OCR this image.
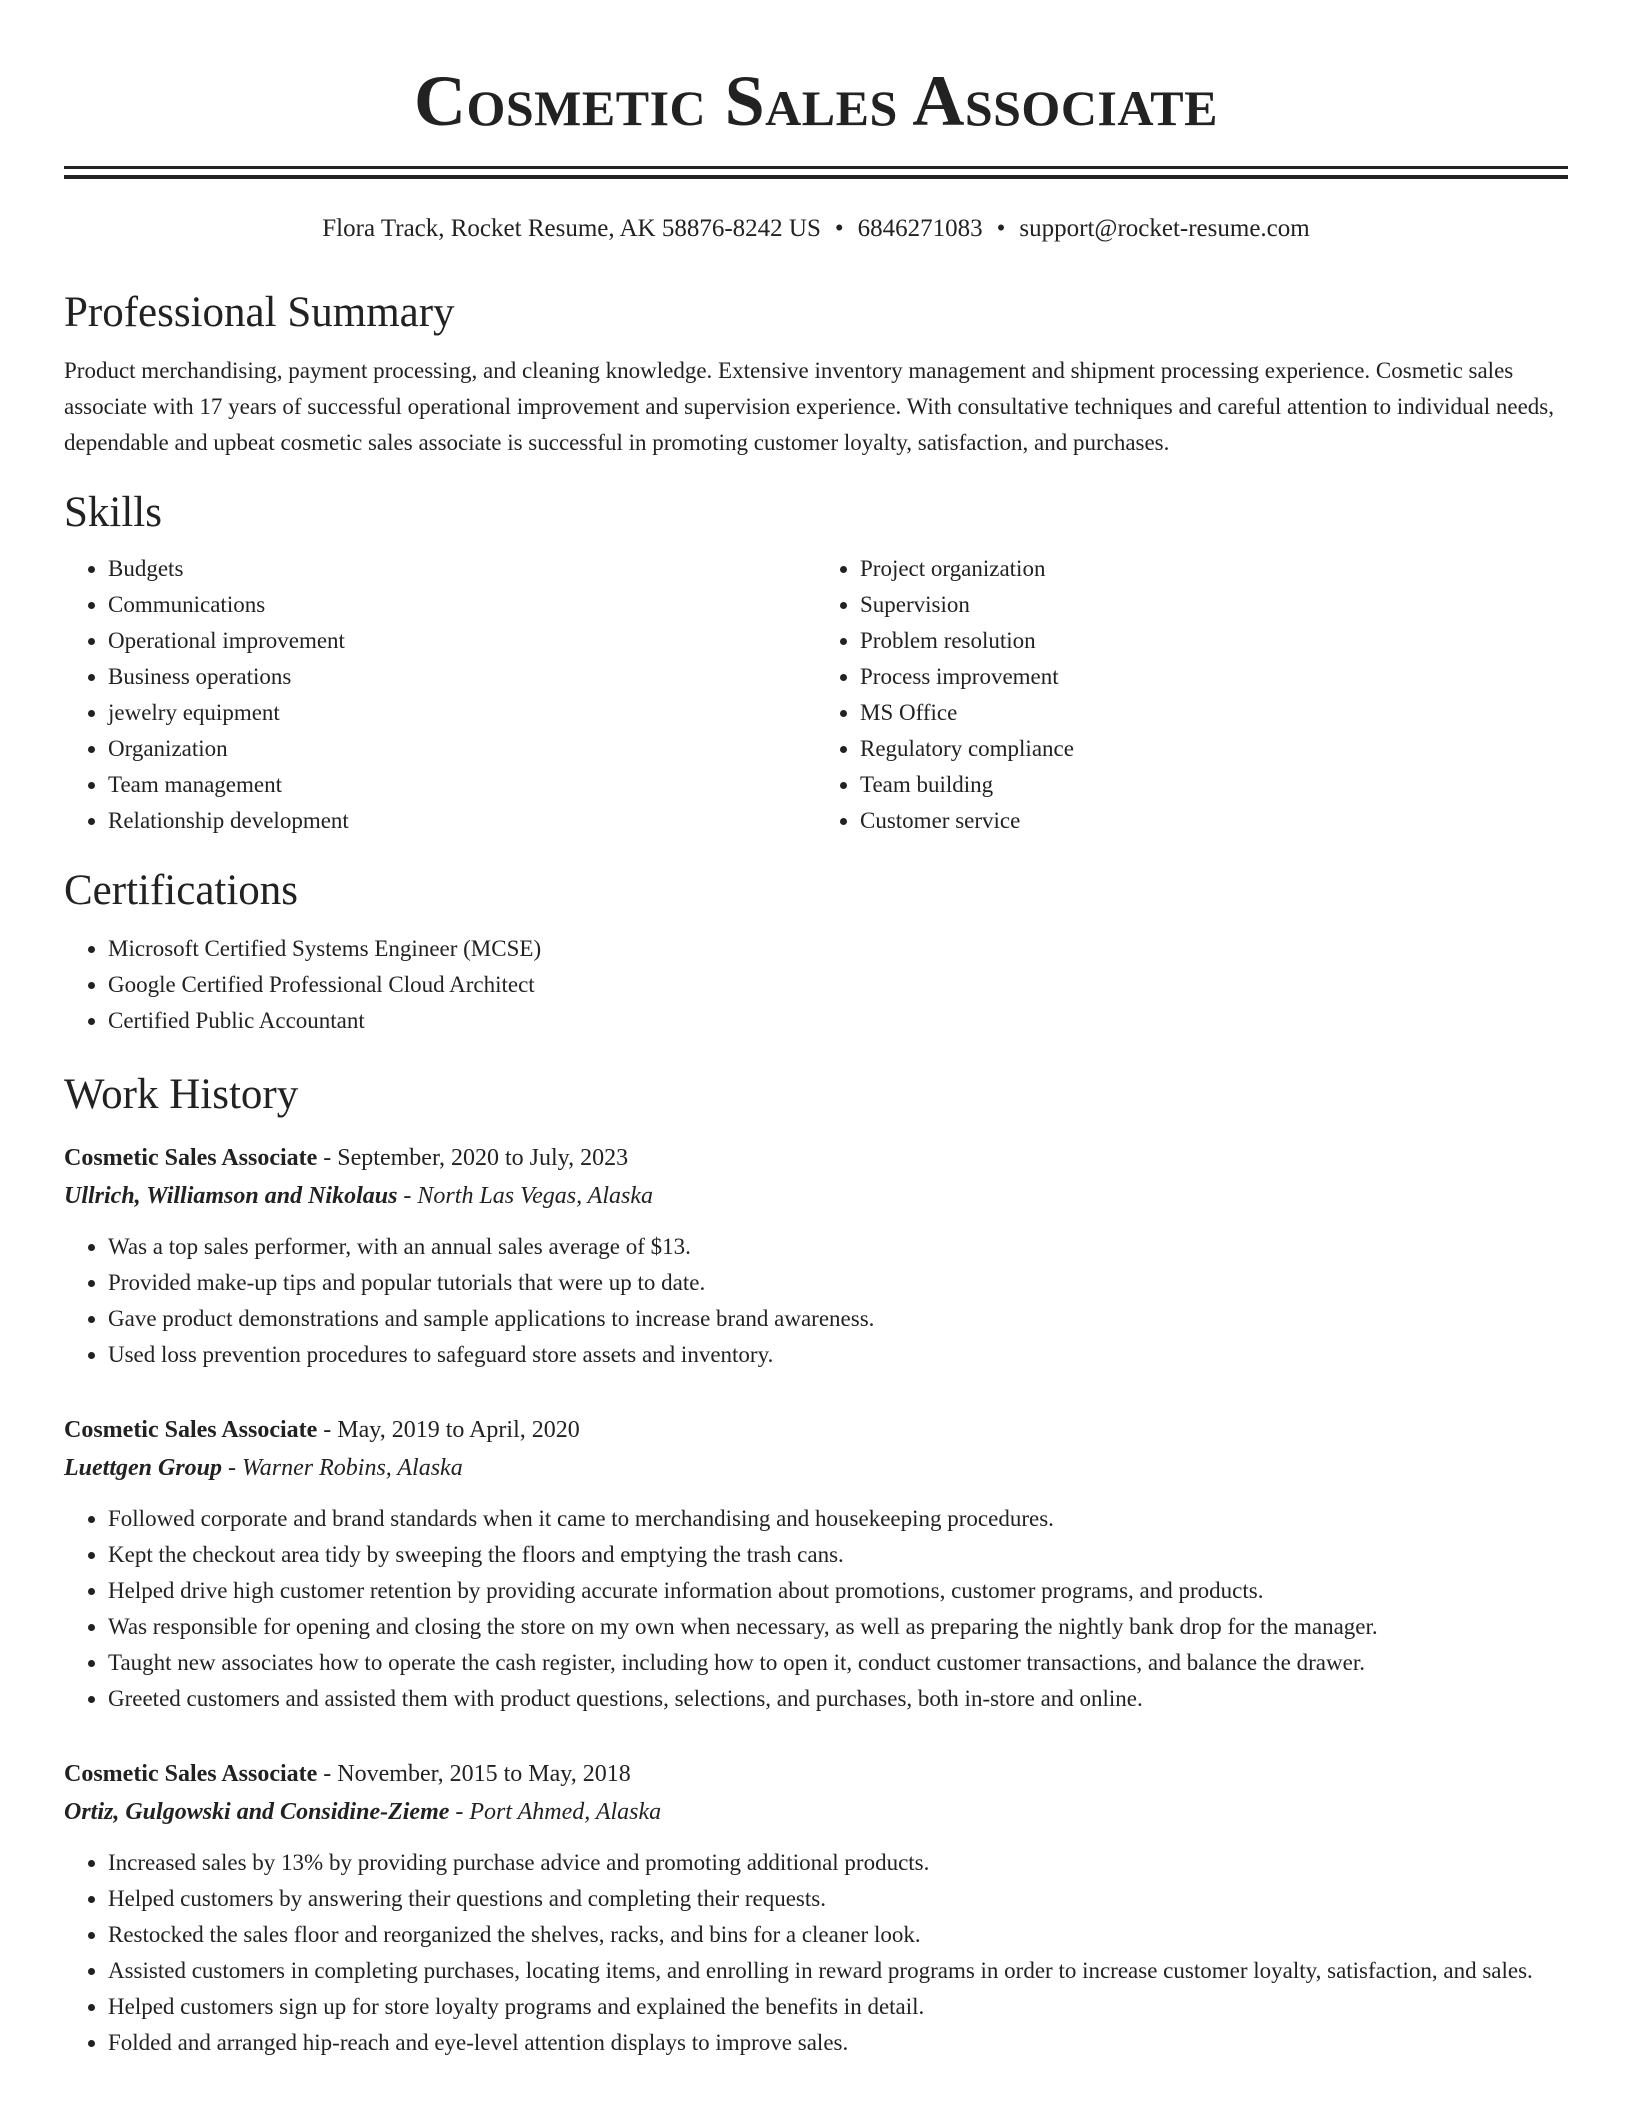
Cosmetic Sales Associate
Flora Track, Rocket Resume, AK 58876-8242 US • 6846271083 • support@rocket-resume.com
Professional Summary
Product merchandising, payment processing, and cleaning knowledge. Extensive inventory management and shipment processing experience. Cosmetic sales associate with 17 years of successful operational improvement and supervision experience. With consultative techniques and careful attention to individual needs, dependable and upbeat cosmetic sales associate is successful in promoting customer loyalty, satisfaction, and purchases.
Skills
• Budgets
• Communications
• Operational improvement
• Business operations
• jewelry equipment
• Organization
• Team management
• Relationship development
• Project organization
• Supervision
• Problem resolution
• Process improvement
• MS Office
• Regulatory compliance
• Team building
• Customer service
Certifications
• Microsoft Certified Systems Engineer (MCSE)
• Google Certified Professional Cloud Architect
• Certified Public Accountant
Work History
Cosmetic Sales Associate - September, 2020 to July, 2023
Ullrich, Williamson and Nikolaus - North Las Vegas, Alaska
• Was a top sales performer, with an annual sales average of $13.
• Provided make-up tips and popular tutorials that were up to date.
• Gave product demonstrations and sample applications to increase brand awareness.
• Used loss prevention procedures to safeguard store assets and inventory.
Cosmetic Sales Associate - May, 2019 to April, 2020
Luettgen Group - Warner Robins, Alaska
• Followed corporate and brand standards when it came to merchandising and housekeeping procedures.
• Kept the checkout area tidy by sweeping the floors and emptying the trash cans.
• Helped drive high customer retention by providing accurate information about promotions, customer programs, and products.
• Was responsible for opening and closing the store on my own when necessary, as well as preparing the nightly bank drop for the manager.
• Taught new associates how to operate the cash register, including how to open it, conduct customer transactions, and balance the drawer.
• Greeted customers and assisted them with product questions, selections, and purchases, both in-store and online.
Cosmetic Sales Associate - November, 2015 to May, 2018
Ortiz, Gulgowski and Considine-Zieme - Port Ahmed, Alaska
• Increased sales by 13% by providing purchase advice and promoting additional products.
• Helped customers by answering their questions and completing their requests.
• Restocked the sales floor and reorganized the shelves, racks, and bins for a cleaner look.
• Assisted customers in completing purchases, locating items, and enrolling in reward programs in order to increase customer loyalty, satisfaction, and sales.
• Helped customers sign up for store loyalty programs and explained the benefits in detail.
• Folded and arranged hip-reach and eye-level attention displays to improve sales.
